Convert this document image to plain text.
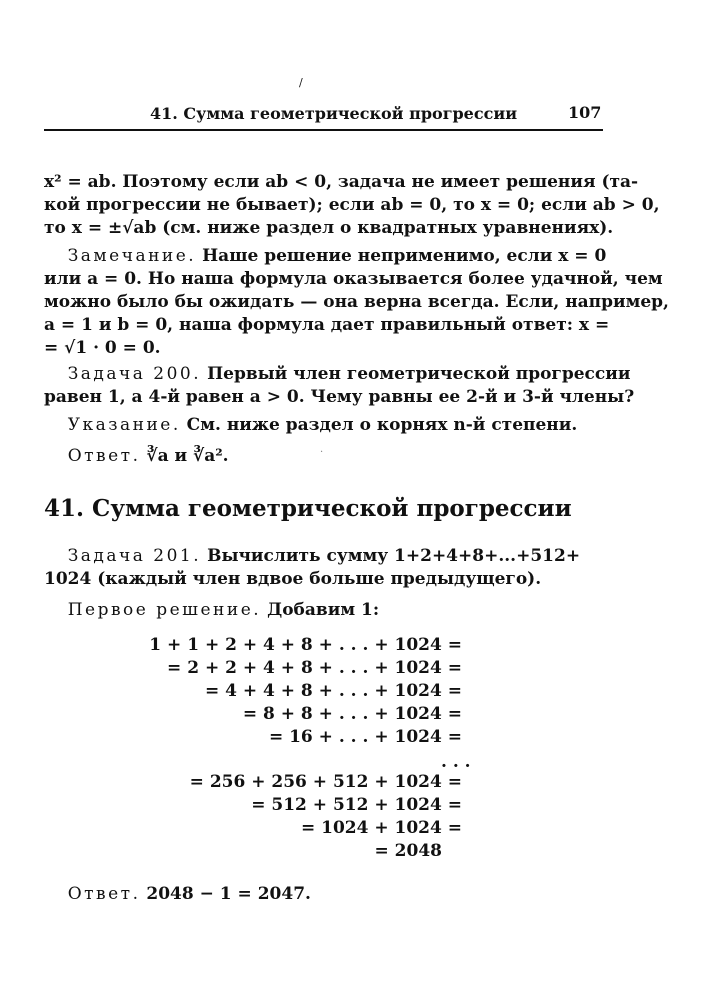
/
41. Сумма геометрической прогрессии	107
x² = ab. Поэтому если ab < 0, задача не имеет решения (та-
кой прогрессии не бывает); если ab = 0, то x = 0; если ab > 0,
то x = ±√ab (см. ниже раздел о квадратных уравнениях).
Замечание. Наше решение неприменимо, если x = 0
или a = 0. Но наша формула оказывается более удачной, чем
можно было бы ожидать — она верна всегда. Если, например,
a = 1 и b = 0, наша формула дает правильный ответ: x =
= √1 · 0 = 0.
Задача 200. Первый член геометрической прогрессии
равен 1, а 4-й равен a > 0. Чему равны ее 2-й и 3-й члены?
Указание. См. ниже раздел о корнях n-й степени.
Ответ. ∛a и ∛a².	·
41. Сумма геометрической прогрессии
Задача 201. Вычислить сумму 1+2+4+8+...+512+
1024 (каждый член вдвое больше предыдущего).
Первое решение. Добавим 1:
1 + 1 + 2 + 4 + 8 + . . . + 1024 =
= 2 + 2 + 4 + 8 + . . . + 1024 =
= 4 + 4 + 8 + . . . + 1024 =
= 8 + 8 + . . . + 1024 =
= 16 + . . . + 1024 =
. . .
= 256 + 256 + 512 + 1024 =
= 512 + 512 + 1024 =
= 1024 + 1024 =
= 2048
Ответ. 2048 − 1 = 2047.
